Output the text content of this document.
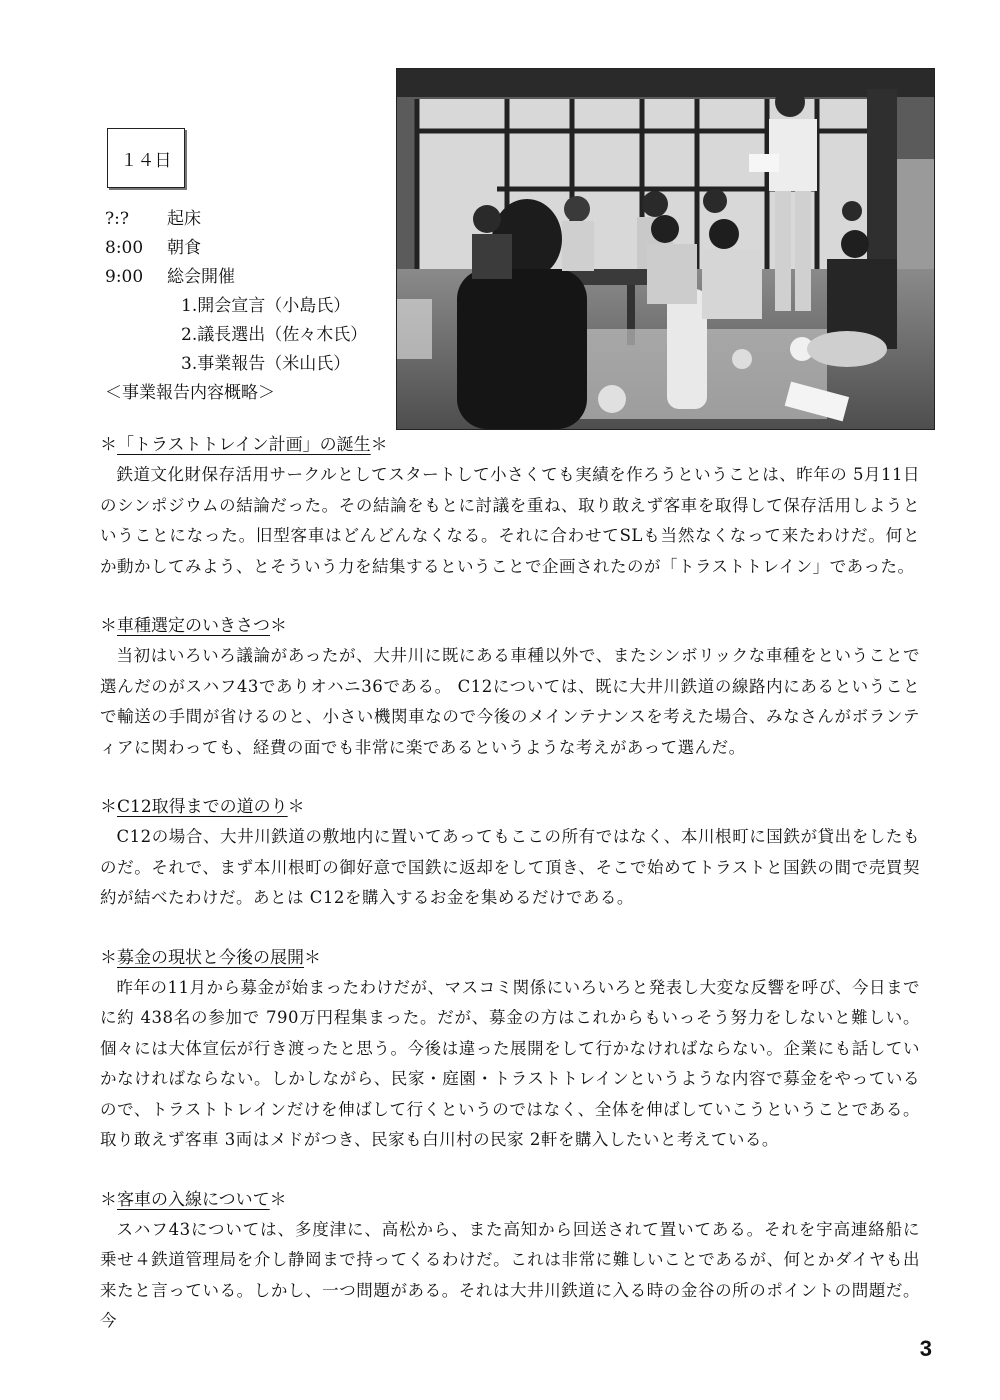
１４日
?:?	起床
8:00	朝食
9:00	総会開催
1.開会宣言（小島氏）
2.議長選出（佐々木氏）
3.事業報告（米山氏）
＜事業報告内容概略＞
＊ 「トラストトレイン計画」の誕生 ＊
鉄道文化財保存活用サークルとしてスタートして小さくても実績を作ろうということは、昨年の 5月11日のシンポジウムの結論だった。その結論をもとに討議を重ね、取り敢えず客車を取得して保存活用しようということになった。旧型客車はどんどんなくなる。それに合わせてSLも当然なくなって来たわけだ。何とか動かしてみよう、とそういう力を結集するということで企画されたのが「トラストトレイン」であった。
＊ 車種選定のいきさつ ＊
当初はいろいろ議論があったが、大井川に既にある車種以外で、またシンボリックな車種をということで選んだのがスハフ43でありオハニ36である。 C12については、既に大井川鉄道の線路内にあるということで輸送の手間が省けるのと、小さい機関車なので今後のメインテナンスを考えた場合、みなさんがボランティアに関わっても、経費の面でも非常に楽であるというような考えがあって選んだ。
＊ C12取得までの道のり ＊
C12の場合、大井川鉄道の敷地内に置いてあってもここの所有ではなく、本川根町に国鉄が貸出をしたものだ。それで、まず本川根町の御好意で国鉄に返却をして頂き、そこで始めてトラストと国鉄の間で売買契約が結べたわけだ。あとは C12を購入するお金を集めるだけである。
＊ 募金の現状と今後の展開 ＊
昨年の11月から募金が始まったわけだが、マスコミ関係にいろいろと発表し大変な反響を呼び、今日までに約 438名の参加で 790万円程集まった。だが、募金の方はこれからもいっそう努力をしないと難しい。個々には大体宣伝が行き渡ったと思う。今後は違った展開をして行かなければならない。企業にも話していかなければならない。しかしながら、民家・庭園・トラストトレインというような内容で募金をやっているので、トラストトレインだけを伸ばして行くというのではなく、全体を伸ばしていこうということである。取り敢えず客車 3両はメドがつき、民家も白川村の民家 2軒を購入したいと考えている。
＊ 客車の入線について ＊
スハフ43については、多度津に、高松から、また高知から回送されて置いてある。それを宇高連絡船に乗せ４鉄道管理局を介し静岡まで持ってくるわけだ。これは非常に難しいことであるが、何とかダイヤも出来たと言っている。しかし、一つ問題がある。それは大井川鉄道に入る時の金谷の所のポイントの問題だ。今
3
